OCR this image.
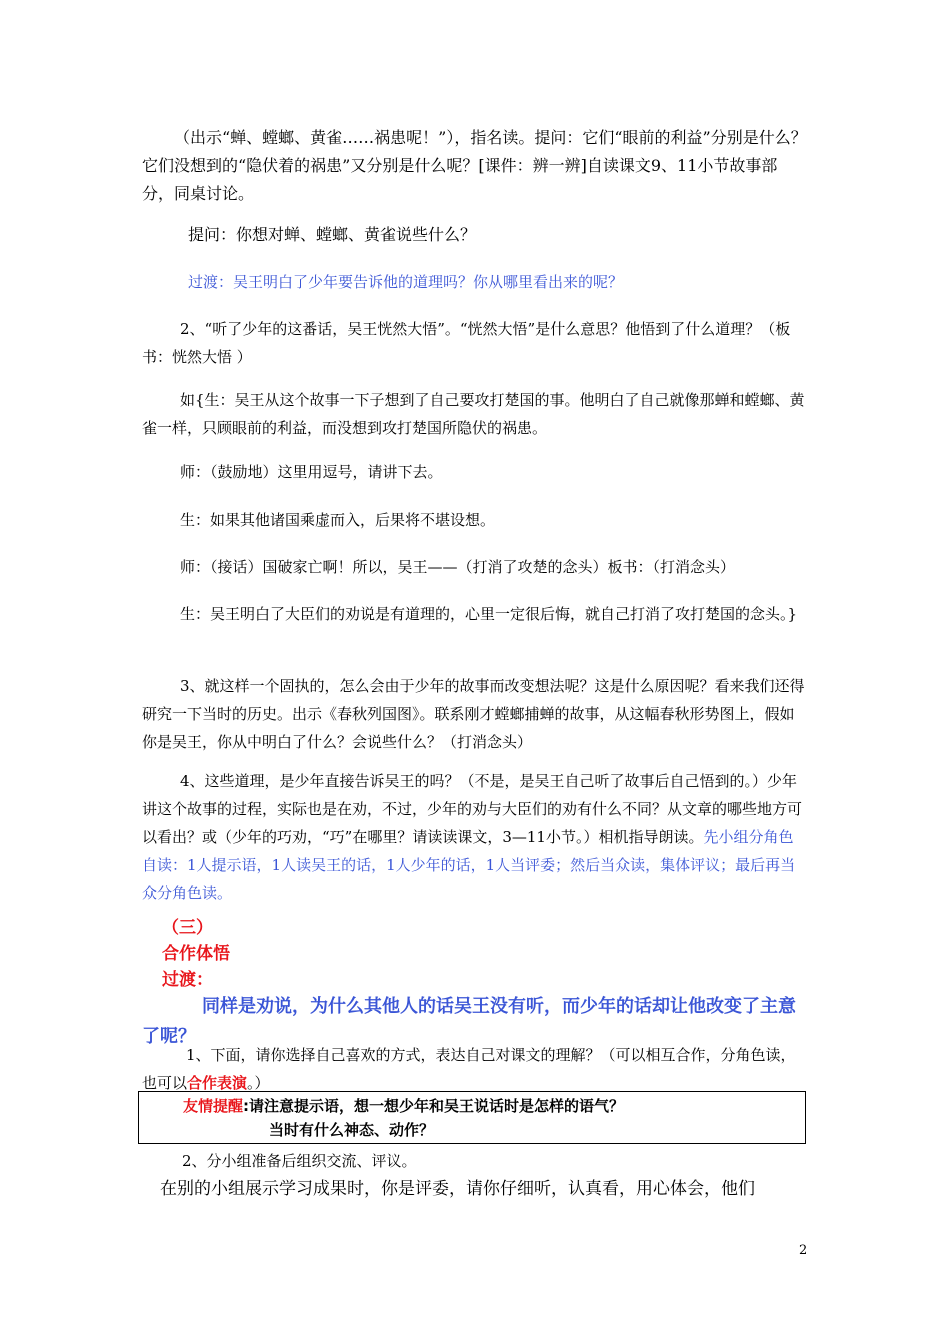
（出示“蝉、螳螂、黄雀……祸患呢！”），指名读。提问：它们“眼前的利益”分别是什么？它们没想到的“隐伏着的祸患”又分别是什么呢？[课件：辨一辨]自读课文9、11小节故事部分，同桌讨论。

提问：你想对蝉、螳螂、黄雀说些什么？

过渡：吴王明白了少年要告诉他的道理吗？你从哪里看出来的呢？

2、“听了少年的这番话，吴王恍然大悟”。“恍然大悟”是什么意思？他悟到了什么道理？（板书：恍然大悟 ）

如{生：吴王从这个故事一下子想到了自己要攻打楚国的事。他明白了自己就像那蝉和螳螂、黄雀一样，只顾眼前的利益，而没想到攻打楚国所隐伏的祸患。

师：（鼓励地）这里用逗号，请讲下去。

生：如果其他诸国乘虚而入，后果将不堪设想。

师：（接话）国破家亡啊！所以，吴王——（打消了攻楚的念头）板书：（打消念头）

生：吴王明白了大臣们的劝说是有道理的，心里一定很后悔，就自己打消了攻打楚国的念头。}

3、就这样一个固执的，怎么会由于少年的故事而改变想法呢？这是什么原因呢？看来我们还得研究一下当时的历史。出示《春秋列国图》。联系刚才螳螂捕蝉的故事，从这幅春秋形势图上，假如你是吴王，你从中明白了什么？会说些什么？（打消念头）

4、这些道理，是少年直接告诉吴王的吗？（不是，是吴王自己听了故事后自己悟到的。）少年讲这个故事的过程，实际也是在劝，不过，少年的劝与大臣们的劝有什么不同？从文章的哪些地方可以看出？或（少年的巧劝，“巧”在哪里？请读读课文，3—11小节。）相机指导朗读。先小组分角色自读：1人提示语，1人读吴王的话，1人少年的话，1人当评委；然后当众读，集体评议；最后再当众分角色读。

（三）
合作体悟
过渡：

同样是劝说，为什么其他人的话吴王没有听，而少年的话却让他改变了主意了呢？

1、下面，请你选择自己喜欢的方式，表达自己对课文的理解？（可以相互合作，分角色读，也可以合作表演。）

友情提醒:请注意提示语，想一想少年和吴王说话时是怎样的语气？
当时有什么神态、动作？

2、分小组准备后组织交流、评议。

在别的小组展示学习成果时，你是评委，请你仔细听，认真看，用心体会，他们

2
